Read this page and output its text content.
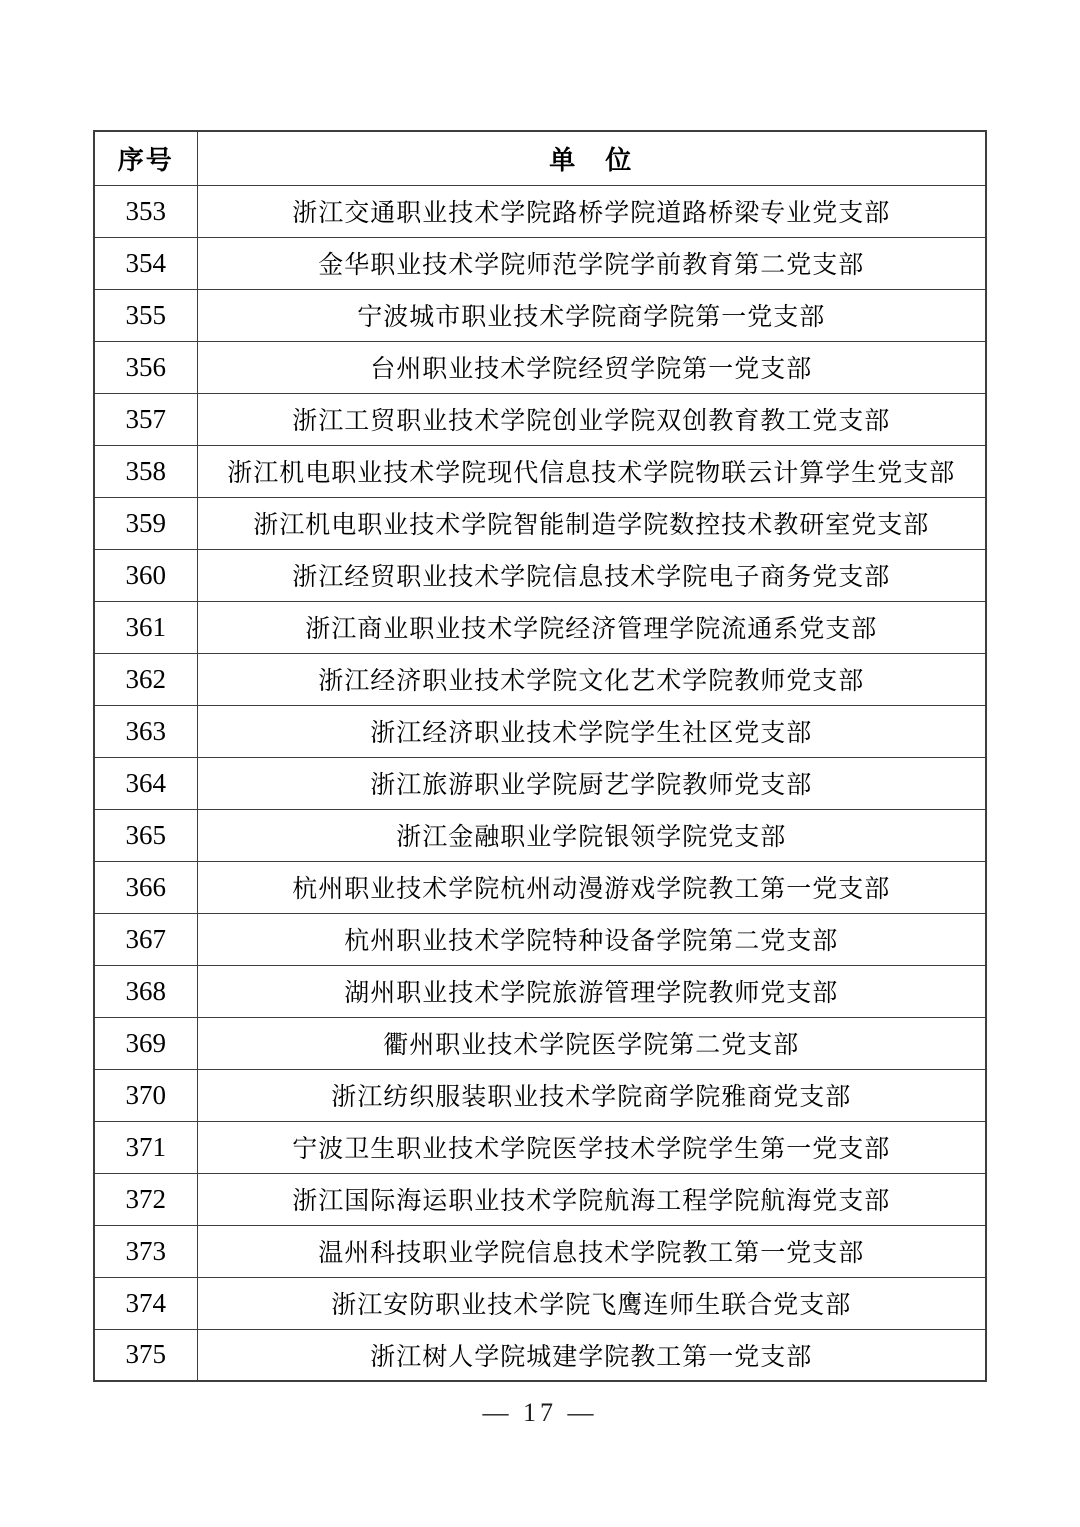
序号	单　位
353	浙江交通职业技术学院路桥学院道路桥梁专业党支部
354	金华职业技术学院师范学院学前教育第二党支部
355	宁波城市职业技术学院商学院第一党支部
356	台州职业技术学院经贸学院第一党支部
357	浙江工贸职业技术学院创业学院双创教育教工党支部
358	浙江机电职业技术学院现代信息技术学院物联云计算学生党支部
359	浙江机电职业技术学院智能制造学院数控技术教研室党支部
360	浙江经贸职业技术学院信息技术学院电子商务党支部
361	浙江商业职业技术学院经济管理学院流通系党支部
362	浙江经济职业技术学院文化艺术学院教师党支部
363	浙江经济职业技术学院学生社区党支部
364	浙江旅游职业学院厨艺学院教师党支部
365	浙江金融职业学院银领学院党支部
366	杭州职业技术学院杭州动漫游戏学院教工第一党支部
367	杭州职业技术学院特种设备学院第二党支部
368	湖州职业技术学院旅游管理学院教师党支部
369	衢州职业技术学院医学院第二党支部
370	浙江纺织服装职业技术学院商学院雅商党支部
371	宁波卫生职业技术学院医学技术学院学生第一党支部
372	浙江国际海运职业技术学院航海工程学院航海党支部
373	温州科技职业学院信息技术学院教工第一党支部
374	浙江安防职业技术学院飞鹰连师生联合党支部
375	浙江树人学院城建学院教工第一党支部
— 17 —
